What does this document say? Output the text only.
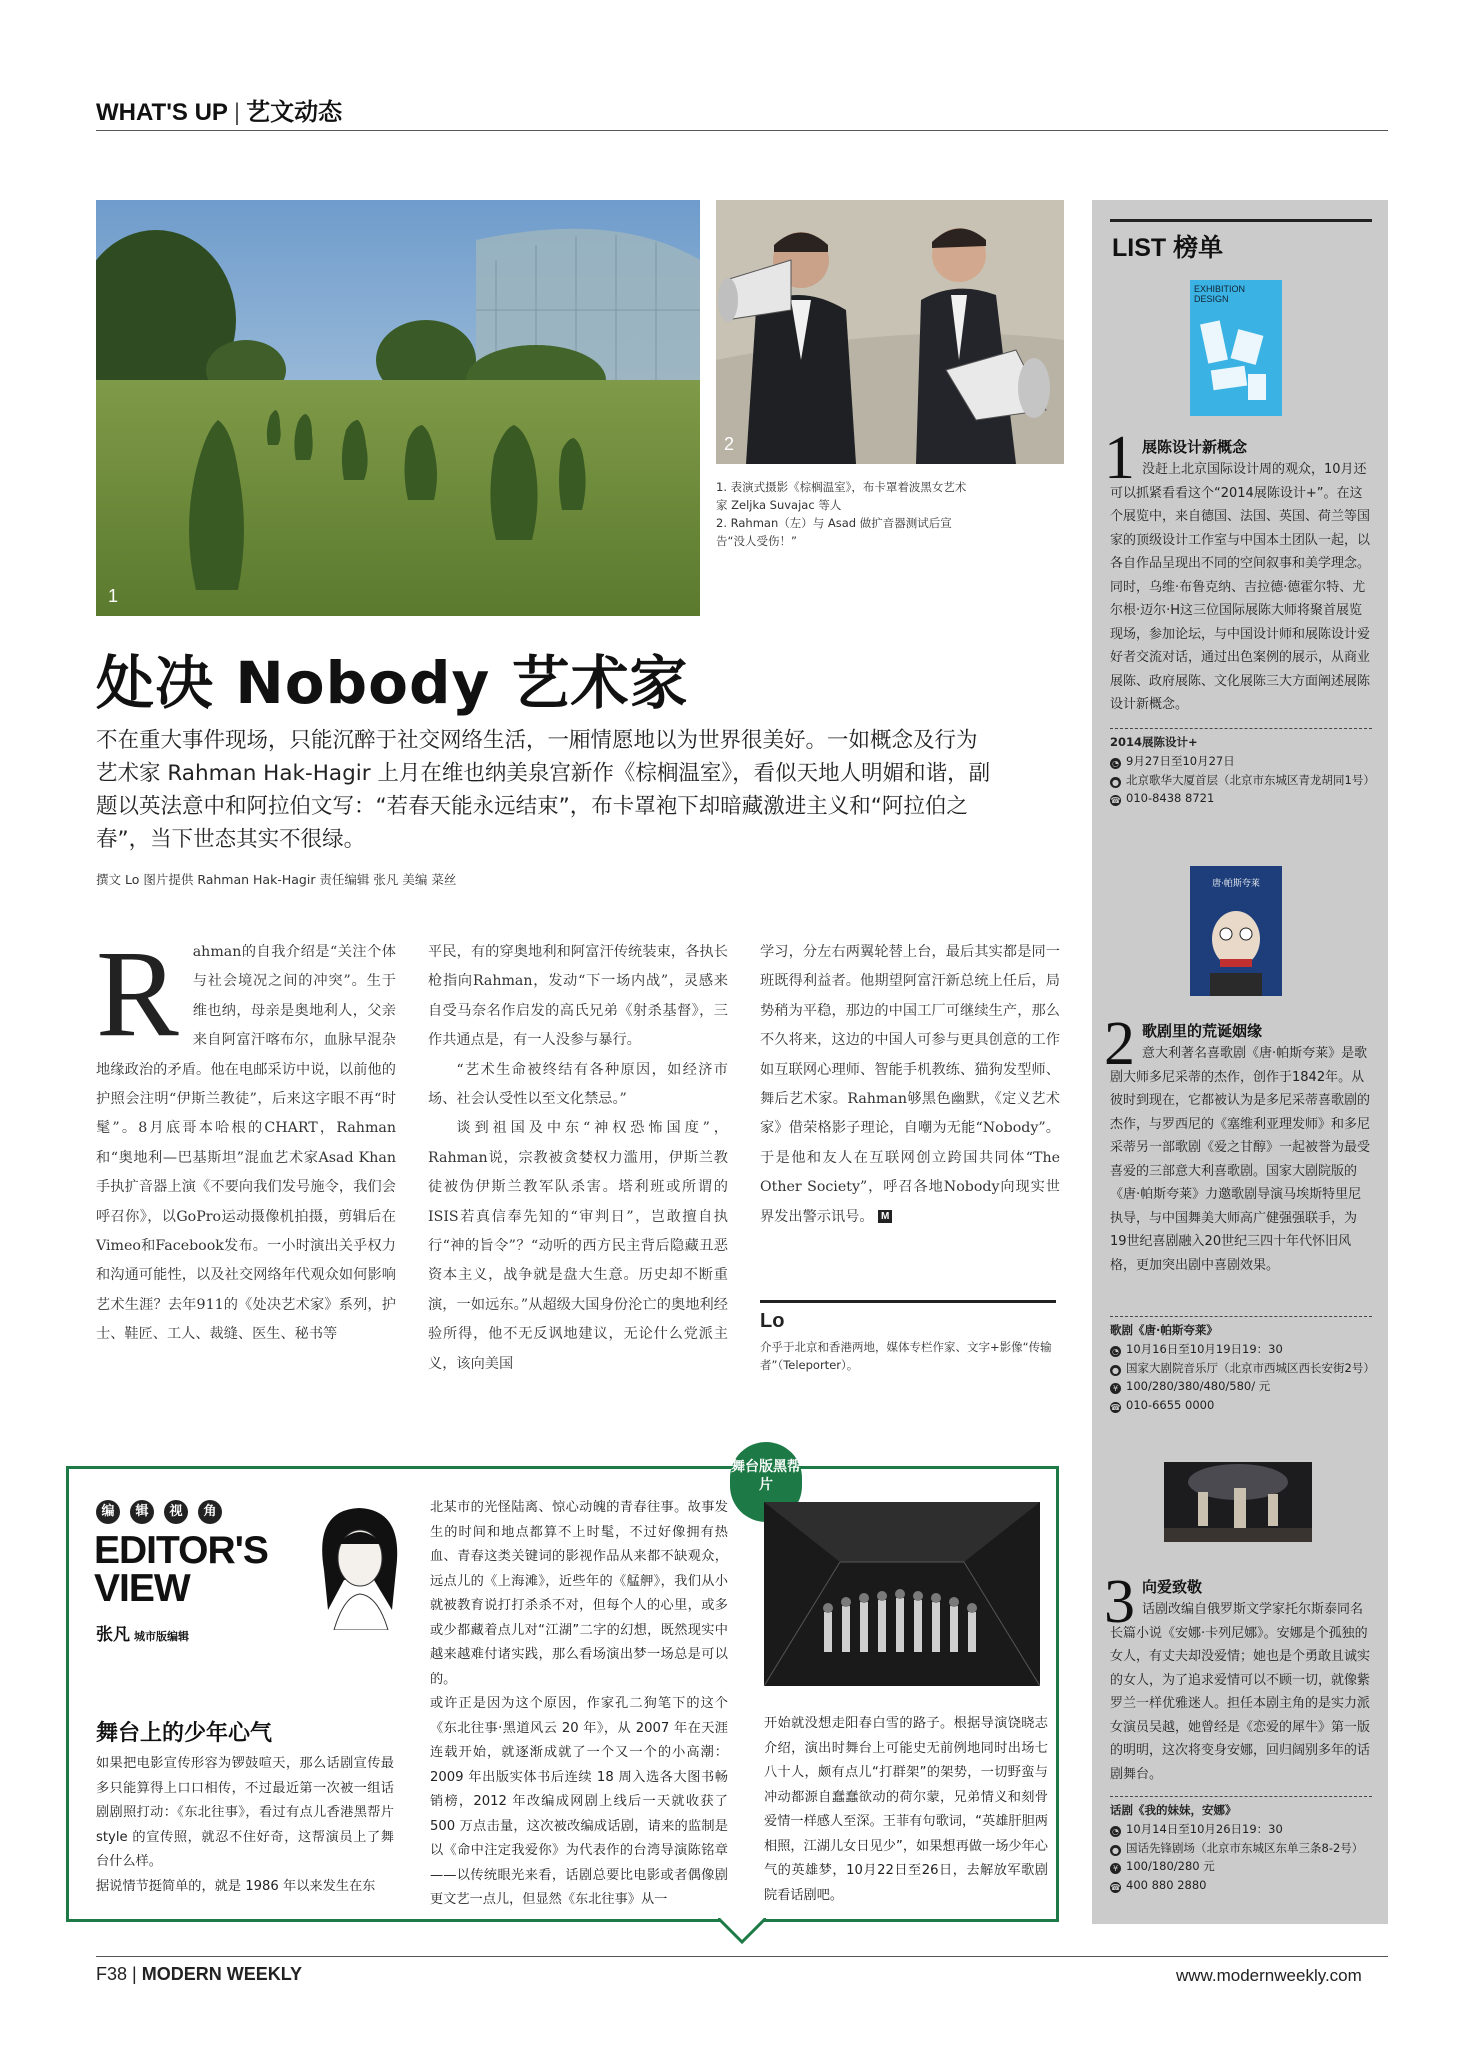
WHAT'S UP | 艺文动态
1
2
1. 表演式摄影《棕榈温室》，布卡罩着波黑女艺术家 Zeljka Suvajac 等人
2. Rahman（左）与 Asad 做扩音器测试后宣告“没人受伤！”
处决 Nobody 艺术家
不在重大事件现场，只能沉醉于社交网络生活，一厢情愿地以为世界很美好。一如概念及行为艺术家 Rahman Hak-Hagir 上月在维也纳美泉宫新作《棕榈温室》，看似天地人明媚和谐，副题以英法意中和阿拉伯文写：“若春天能永远结束”，布卡罩袍下却暗藏激进主义和“阿拉伯之春”，当下世态其实不很绿。
撰文 Lo 图片提供 Rahman Hak-Hagir 责任编辑 张凡 美编 菜丝
R ahman的自我介绍是“关注个体与社会境况之间的冲突”。生于维也纳，母亲是奥地利人，父亲来自阿富汗喀布尔，血脉早混杂地缘政治的矛盾。他在电邮采访中说，以前他的护照会注明“伊斯兰教徒”，后来这字眼不再“时髦”。8月底哥本哈根的CHART，Rahman和“奥地利—巴基斯坦”混血艺术家Asad Khan手执扩音器上演《不要向我们发号施令，我们会呼召你》，以GoPro运动摄像机拍摄，剪辑后在Vimeo和Facebook发布。一小时演出关乎权力和沟通可能性，以及社交网络年代观众如何影响艺术生涯？去年911的《处决艺术家》系列，护士、鞋匠、工人、裁缝、医生、秘书等

平民，有的穿奥地利和阿富汗传统装束，各执长枪指向Rahman，发动“下一场内战”，灵感来自受马奈名作启发的高氏兄弟《射杀基督》，三作共通点是，有一人没参与暴行。

“艺术生命被终结有各种原因，如经济市场、社会认受性以至文化禁忌。”

谈到祖国及中东“神权恐怖国度”，Rahman说，宗教被贪婪权力滥用，伊斯兰教徒被伪伊斯兰教军队杀害。塔利班或所谓的ISIS若真信奉先知的“审判日”，岂敢擅自执行“神的旨令”？“动听的西方民主背后隐藏丑恶资本主义，战争就是盘大生意。历史却不断重演，一如远东。”从超级大国身份沦亡的奥地利经验所得，他不无反讽地建议，无论什么党派主义，该向美国

学习，分左右两翼轮替上台，最后其实都是同一班既得利益者。他期望阿富汗新总统上任后，局势稍为平稳，那边的中国工厂可继续生产，那么不久将来，这边的中国人可参与更具创意的工作如互联网心理师、智能手机教练、猫狗发型师、舞后艺术家。Rahman够黑色幽默，《定义艺术家》借荣格影子理论，自嘲为无能“Nobody”。于是他和友人在互联网创立跨国共同体“The Other Society”，呼召各地Nobody向现实世界发出警示讯号。 M
Lo
介乎于北京和香港两地，媒体专栏作家、文字+影像“传输者”（Teleporter）。
LIST 榜单
EXHIBITION DESIGN
1 展陈设计新概念
没赶上北京国际设计周的观众，10月还可以抓紧看看这个“2014展陈设计+”。在这个展览中，来自德国、法国、英国、荷兰等国家的顶级设计工作室与中国本土团队一起，以各自作品呈现出不同的空间叙事和美学理念。同时，乌维·布鲁克纳、吉拉德·德霍尔特、尤尔根·迈尔·H这三位国际展陈大师将聚首展览现场，参加论坛，与中国设计师和展陈设计爱好者交流对话，通过出色案例的展示，从商业展陈、政府展陈、文化展陈三大方面阐述展陈设计新概念。
2014展陈设计+
◔ 9月27日至10月27日
● 北京歌华大厦首层（北京市东城区青龙胡同1号）
☎ 010-8438 8721
唐·帕斯夸莱
2 歌剧里的荒诞姻缘
意大利著名喜歌剧《唐·帕斯夸莱》是歌剧大师多尼采蒂的杰作，创作于1842年。从彼时到现在，它都被认为是多尼采蒂喜歌剧的杰作，与罗西尼的《塞维利亚理发师》和多尼采蒂另一部歌剧《爱之甘醇》一起被誉为最受喜爱的三部意大利喜歌剧。国家大剧院版的《唐·帕斯夸莱》力邀歌剧导演马埃斯特里尼执导，与中国舞美大师高广健强强联手，为19世纪喜剧融入20世纪三四十年代怀旧风格，更加突出剧中喜剧效果。
歌剧《唐·帕斯夸莱》
◔ 10月16日至10月19日19：30
● 国家大剧院音乐厅（北京市西城区西长安街2号）
¥ 100/280/380/480/580/ 元
☎ 010-6655 0000
3 向爱致敬
话剧改编自俄罗斯文学家托尔斯泰同名长篇小说《安娜·卡列尼娜》。安娜是个孤独的女人，有丈夫却没爱情；她也是个勇敢且诚实的女人，为了追求爱情可以不顾一切，就像紫罗兰一样优雅迷人。担任本剧主角的是实力派女演员吴越，她曾经是《恋爱的犀牛》第一版的明明，这次将变身安娜，回归阔别多年的话剧舞台。
话剧《我的妹妹，安娜》
◔ 10月14日至10月26日19：30
● 国话先锋剧场（北京市东城区东单三条8-2号）
¥ 100/180/280 元
☎ 400 880 2880
舞台版黑帮片
编 辑 视 角
EDITOR'S
VIEW
张凡 城市版编辑
舞台上的少年心气
如果把电影宣传形容为锣鼓喧天，那么话剧宣传最多只能算得上口口相传，不过最近第一次被一组话剧剧照打动：《东北往事》，看过有点儿香港黑帮片 style 的宣传照，就忍不住好奇，这帮演员上了舞台什么样。
据说情节挺简单的，就是 1986 年以来发生在东
北某市的光怪陆离、惊心动魄的青春往事。故事发生的时间和地点都算不上时髦，不过好像拥有热血、青春这类关键词的影视作品从来都不缺观众，远点儿的《上海滩》，近些年的《艋舺》，我们从小就被教育说打打杀杀不对，但每个人的心里，或多或少都藏着点儿对“江湖”二字的幻想，既然现实中越来越难付诸实践，那么看场演出梦一场总是可以的。
或许正是因为这个原因，作家孔二狗笔下的这个《东北往事·黑道风云 20 年》，从 2007 年在天涯连载开始，就逐渐成就了一个又一个的小高潮：2009 年出版实体书后连续 18 周入选各大图书畅销榜，2012 年改编成网剧上线后一天就收获了 500 万点击量，这次被改编成话剧，请来的监制是以《命中注定我爱你》为代表作的台湾导演陈铭章——以传统眼光来看，话剧总要比电影或者偶像剧更文艺一点儿，但显然《东北往事》从一
开始就没想走阳春白雪的路子。根据导演饶晓志介绍，演出时舞台上可能史无前例地同时出场七八十人，颇有点儿“打群架”的架势，一切野蛮与冲动都源自蠢蠢欲动的荷尔蒙，兄弟情义和刻骨爱情一样感人至深。王菲有句歌词，“英雄肝胆两相照，江湖儿女日见少”，如果想再做一场少年心气的英雄梦，10月22日至26日，去解放军歌剧院看话剧吧。
F38 | MODERN WEEKLY	www.modernweekly.com
